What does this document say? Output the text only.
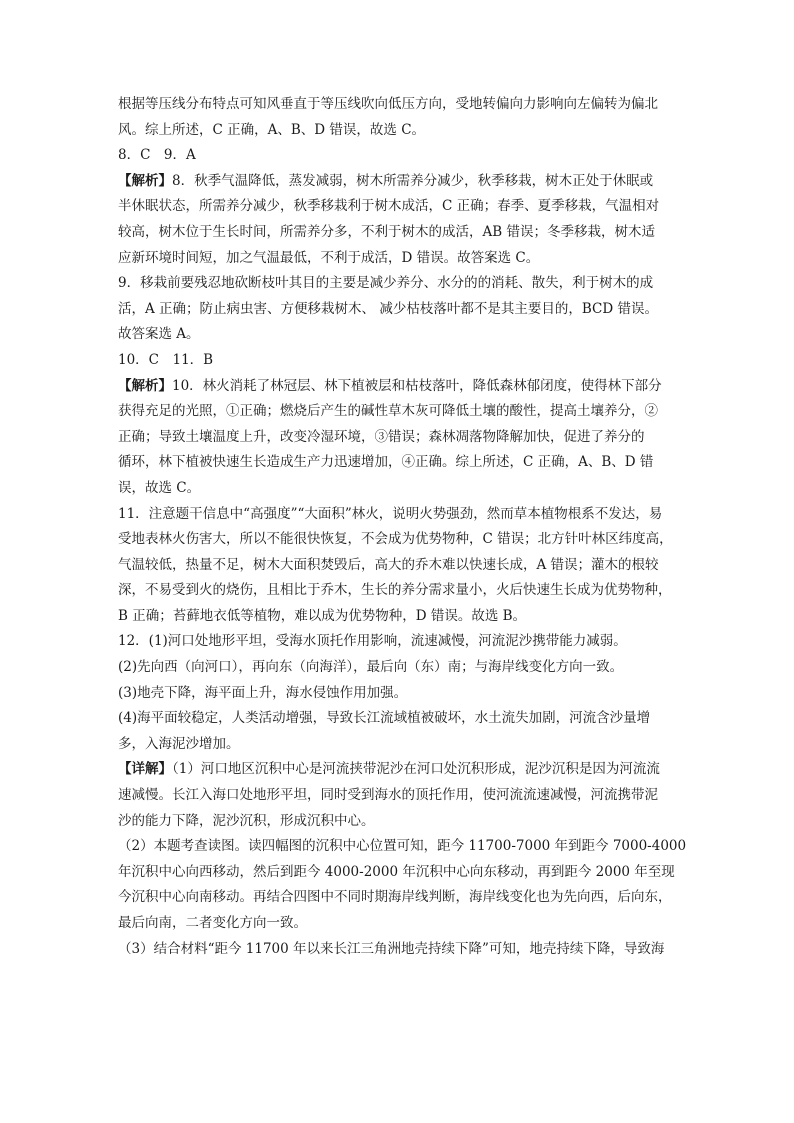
根据等压线分布特点可知风垂直于等压线吹向低压方向，受地转偏向力影响向左偏转为偏北
风。综上所述，C 正确，A、B、D 错误，故选 C。
8．C　9．A
【解析】8．秋季气温降低，蒸发减弱，树木所需养分减少，秋季移栽，树木正处于休眠或
半休眠状态，所需养分减少，秋季移栽利于树木成活，C 正确；春季、夏季移栽，气温相对
较高，树木位于生长时间，所需养分多，不利于树木的成活，AB 错误；冬季移栽，树木适
应新环境时间短，加之气温最低，不利于成活，D 错误。故答案选 C。
9．移栽前要残忍地砍断枝叶其目的主要是减少养分、水分的的消耗、散失，利于树木的成
活，A 正确；防止病虫害、方便移栽树木、 减少枯枝落叶都不是其主要目的，BCD 错误。
故答案选 A。
10．C　11．B
【解析】10．林火消耗了林冠层、林下植被层和枯枝落叶，降低森林郁闭度，使得林下部分
获得充足的光照，①正确；燃烧后产生的碱性草木灰可降低土壤的酸性，提高土壤养分，②
正确；导致土壤温度上升，改变冷湿环境，③错误；森林凋落物降解加快，促进了养分的
循环，林下植被快速生长造成生产力迅速增加，④正确。综上所述，C 正确，A、B、D 错
误，故选 C。
11．注意题干信息中“高强度”“大面积”林火，说明火势强劲，然而草本植物根系不发达，易
受地表林火伤害大，所以不能很快恢复，不会成为优势物种，C 错误；北方针叶林区纬度高，
气温较低，热量不足，树木大面积焚毁后，高大的乔木难以快速长成，A 错误；灌木的根较
深，不易受到火的烧伤，且相比于乔木，生长的养分需求量小，火后快速生长成为优势物种，
B 正确；苔藓地衣低等植物，难以成为优势物种，D 错误。故选 B。
12．(1)河口处地形平坦，受海水顶托作用影响，流速减慢，河流泥沙携带能力减弱。
(2)先向西（向河口），再向东（向海洋），最后向（东）南；与海岸线变化方向一致。
(3)地壳下降，海平面上升，海水侵蚀作用加强。
(4)海平面较稳定，人类活动增强，导致长江流域植被破坏，水土流失加剧，河流含沙量增
多，入海泥沙增加。
【详解】（1）河口地区沉积中心是河流挟带泥沙在河口处沉积形成，泥沙沉积是因为河流流
速减慢。长江入海口处地形平坦，同时受到海水的顶托作用，使河流流速减慢，河流携带泥
沙的能力下降，泥沙沉积，形成沉积中心。
（2）本题考查读图。读四幅图的沉积中心位置可知，距今 11700-7000 年到距今 7000-4000
年沉积中心向西移动，然后到距今 4000-2000 年沉积中心向东移动，再到距今 2000 年至现
今沉积中心向南移动。再结合四图中不同时期海岸线判断，海岸线变化也为先向西，后向东，
最后向南，二者变化方向一致。
（3）结合材料“距今 11700 年以来长江三角洲地壳持续下降”可知，地壳持续下降，导致海
